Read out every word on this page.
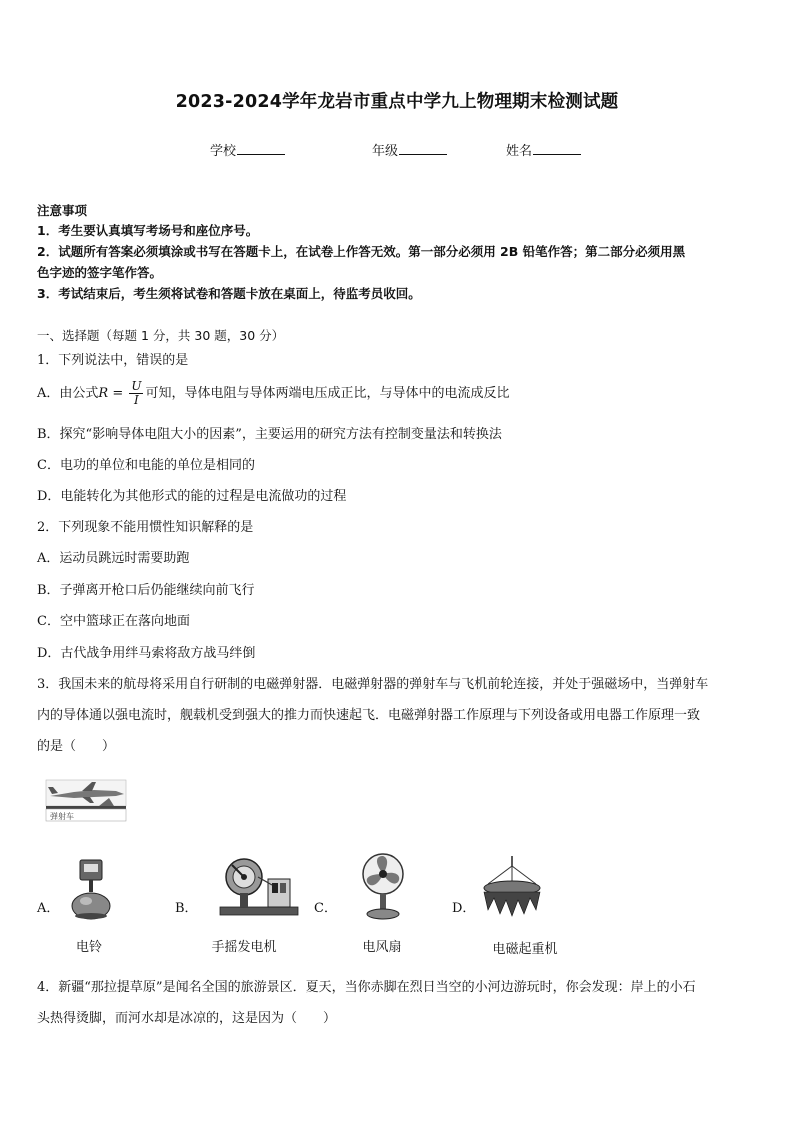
2023-2024学年龙岩市重点中学九上物理期末检测试题
学校	年级	姓名
注意事项
1．考生要认真填写考场号和座位序号。
2．试题所有答案必须填涂或书写在答题卡上，在试卷上作答无效。第一部分必须用 2B 铅笔作答；第二部分必须用黑
色字迹的签字笔作答。
3．考试结束后，考生须将试卷和答题卡放在桌面上，待监考员收回。
一、选择题（每题 1 分，共 30 题，30 分）
1．下列说法中，错误的是
A．由公式$R = \frac{U}{I}$ 可知，导体电阻与导体两端电压成正比，与导体中的电流成反比
B．探究“影响导体电阻大小的因素”，主要运用的研究方法有控制变量法和转换法
C．电功的单位和电能的单位是相同的
D．电能转化为其他形式的能的过程是电流做功的过程
2．下列现象不能用惯性知识解释的是
A．运动员跳远时需要助跑
B．子弹离开枪口后仍能继续向前飞行
C．空中篮球正在落向地面
D．古代战争用绊马索将敌方战马绊倒
3．我国未来的航母将采用自行研制的电磁弹射器．电磁弹射器的弹射车与飞机前轮连接，并处于强磁场中，当弹射车
内的导体通以强电流时，舰载机受到强大的推力而快速起飞．电磁弹射器工作原理与下列设备或用电器工作原理一致
的是（　　）
弹射车
A．	B．	C．	D．
电铃	手摇发电机	电风扇	电磁起重机
4．新疆“那拉提草原”是闻名全国的旅游景区．夏天，当你赤脚在烈日当空的小河边游玩时，你会发现：岸上的小石
头热得烫脚，而河水却是冰凉的，这是因为（　　）
